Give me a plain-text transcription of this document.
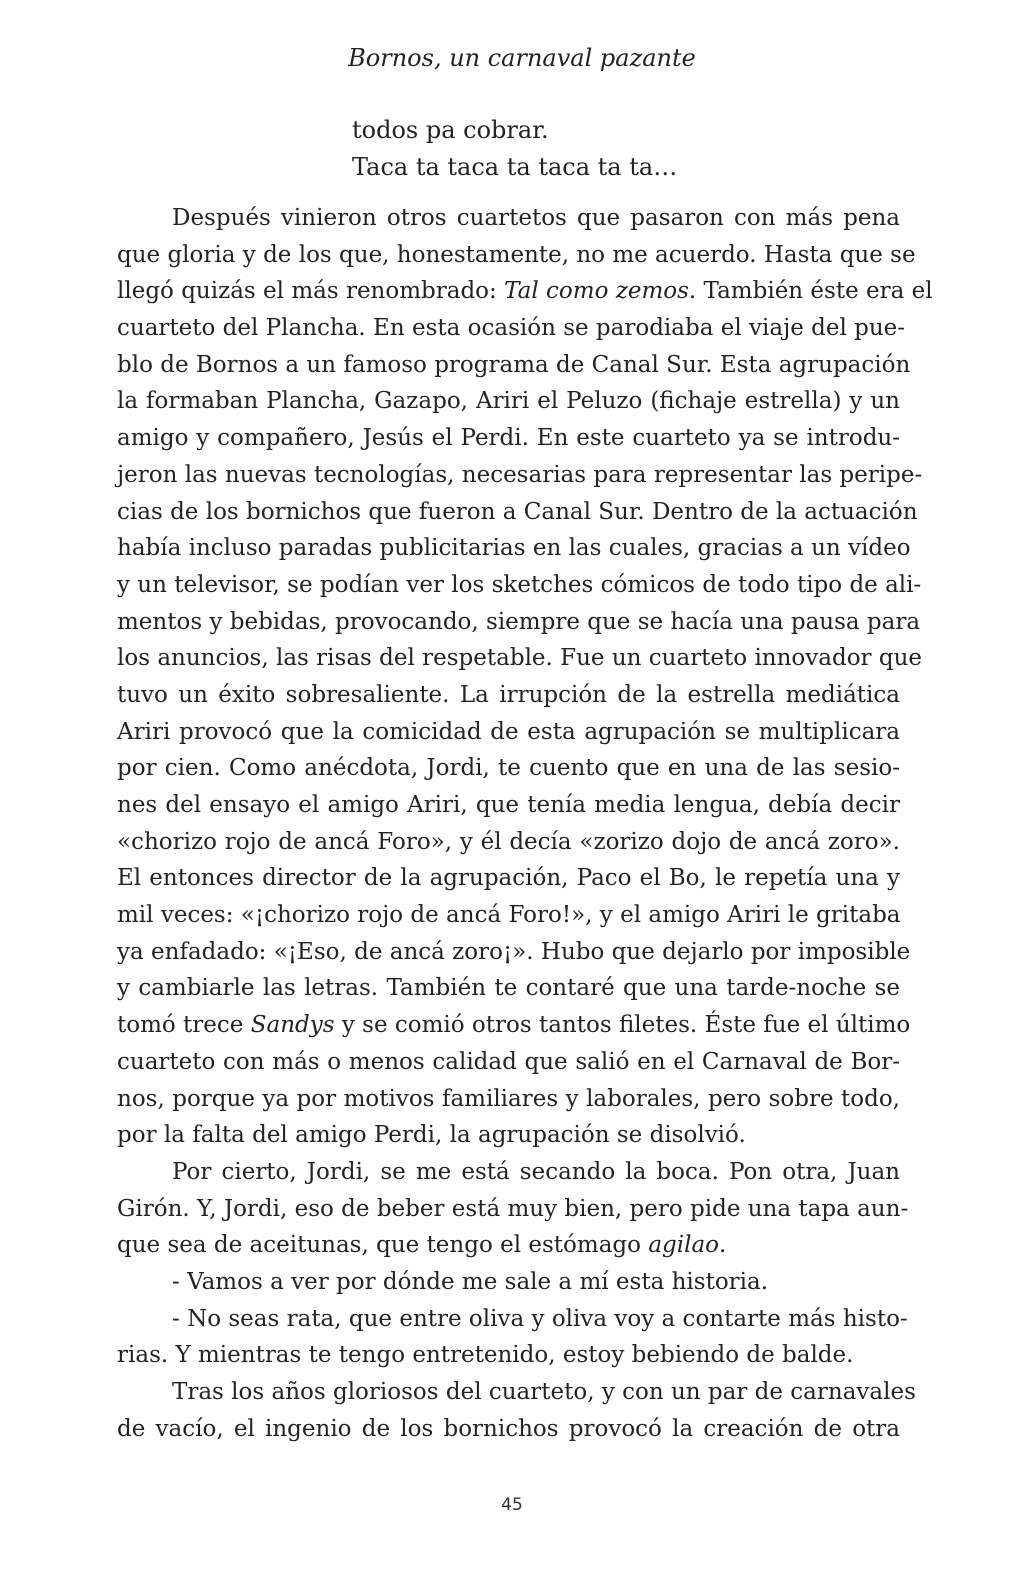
Bornos, un carnaval pazante
todos pa cobrar.
Taca ta taca ta taca ta ta…
Después vinieron otros cuartetos que pasaron con más pena
que gloria y de los que, honestamente, no me acuerdo. Hasta que se
llegó quizás el más renombrado: Tal como zemos. También éste era el
cuarteto del Plancha. En esta ocasión se parodiaba el viaje del pue-
blo de Bornos a un famoso programa de Canal Sur. Esta agrupación
la formaban Plancha, Gazapo, Ariri el Peluzo (fichaje estrella) y un
amigo y compañero, Jesús el Perdi. En este cuarteto ya se introdu-
jeron las nuevas tecnologías, necesarias para representar las peripe-
cias de los bornichos que fueron a Canal Sur. Dentro de la actuación
había incluso paradas publicitarias en las cuales, gracias a un vídeo
y un televisor, se podían ver los sketches cómicos de todo tipo de ali-
mentos y bebidas, provocando, siempre que se hacía una pausa para
los anuncios, las risas del respetable. Fue un cuarteto innovador que
tuvo un éxito sobresaliente. La irrupción de la estrella mediática
Ariri provocó que la comicidad de esta agrupación se multiplicara
por cien. Como anécdota, Jordi, te cuento que en una de las sesio-
nes del ensayo el amigo Ariri, que tenía media lengua, debía decir
«chorizo rojo de ancá Foro», y él decía «zorizo dojo de ancá zoro».
El entonces director de la agrupación, Paco el Bo, le repetía una y
mil veces: «¡chorizo rojo de ancá Foro!», y el amigo Ariri le gritaba
ya enfadado: «¡Eso, de ancá zoro¡». Hubo que dejarlo por imposible
y cambiarle las letras. También te contaré que una tarde-noche se
tomó trece Sandys y se comió otros tantos filetes. Éste fue el último
cuarteto con más o menos calidad que salió en el Carnaval de Bor-
nos, porque ya por motivos familiares y laborales, pero sobre todo,
por la falta del amigo Perdi, la agrupación se disolvió.
Por cierto, Jordi, se me está secando la boca. Pon otra, Juan
Girón. Y, Jordi, eso de beber está muy bien, pero pide una tapa aun-
que sea de aceitunas, que tengo el estómago agilao.
- Vamos a ver por dónde me sale a mí esta historia.
- No seas rata, que entre oliva y oliva voy a contarte más histo-
rias. Y mientras te tengo entretenido, estoy bebiendo de balde.
Tras los años gloriosos del cuarteto, y con un par de carnavales
de vacío, el ingenio de los bornichos provocó la creación de otra
45
